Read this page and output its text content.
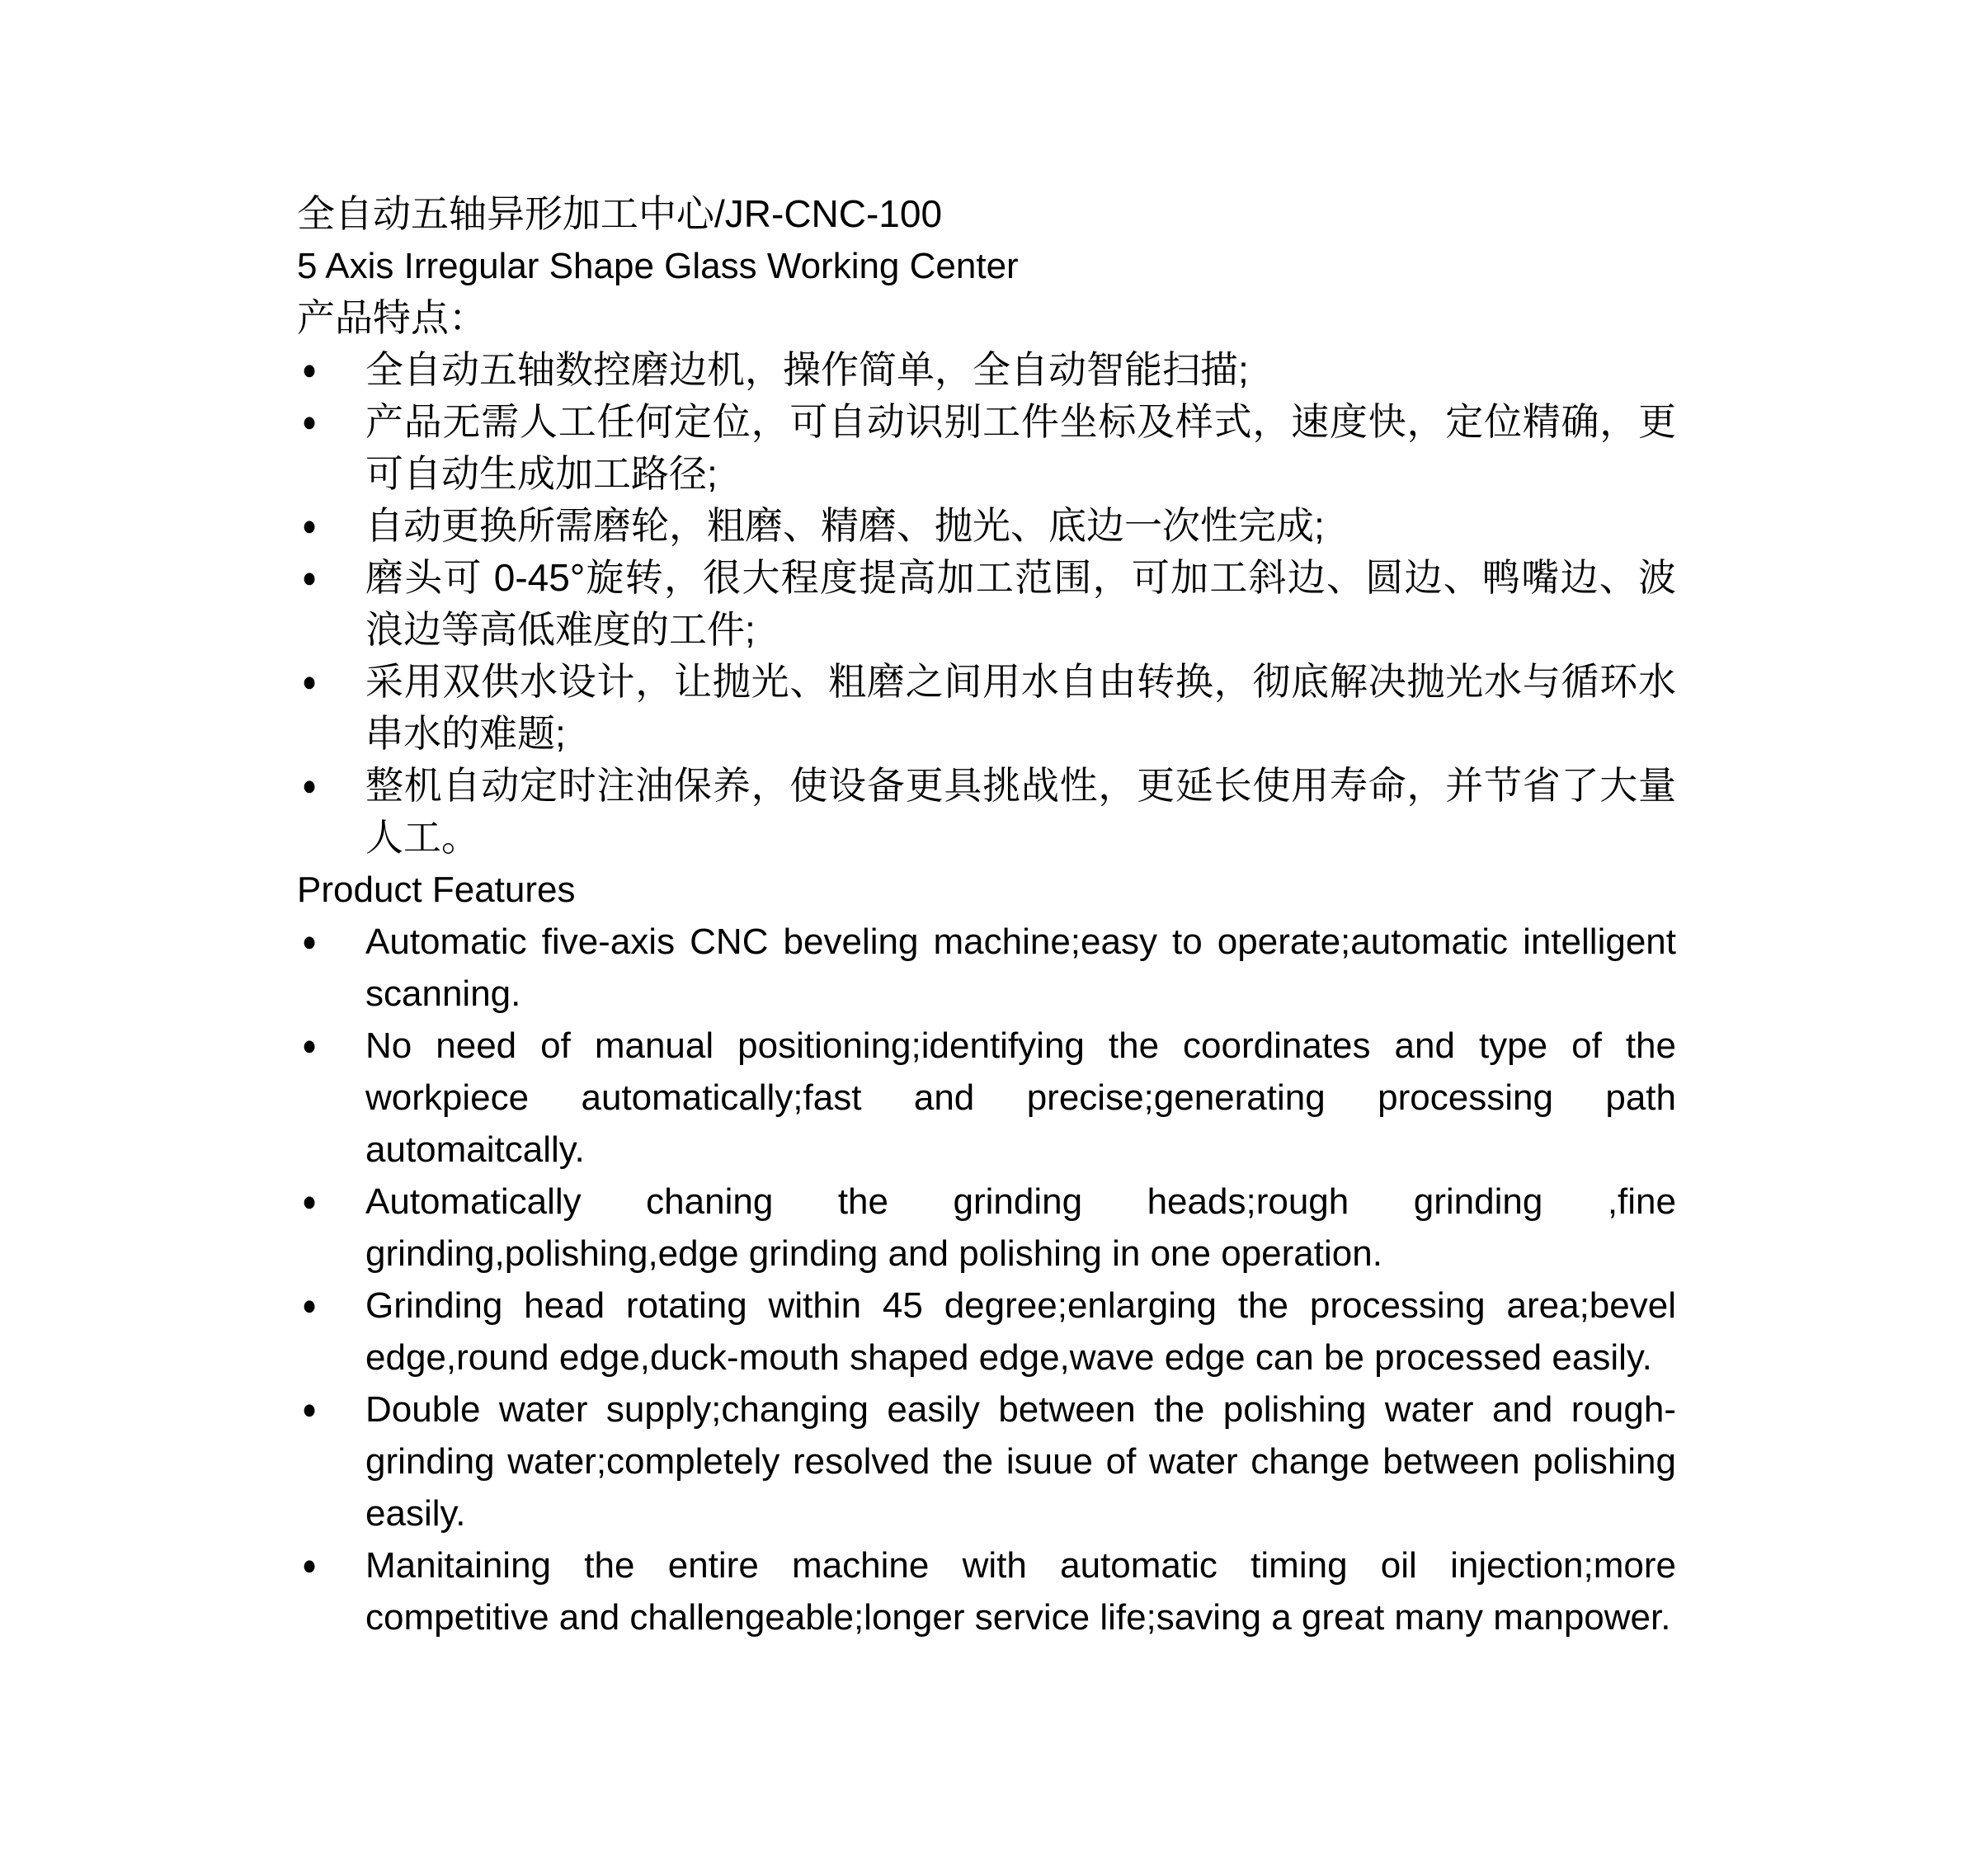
全自动五轴异形加工中心/JR-CNC-100
5 Axis Irregular Shape Glass Working Center
产品特点：
● 全自动五轴数控磨边机，操作简单，全自动智能扫描;
● 产品无需人工任何定位，可自动识别工件坐标及样式，速度快，定位精确，更可自动生成加工路径;
● 自动更换所需磨轮，粗磨、精磨、抛光、底边一次性完成;
● 磨头可 0-45°旋转，很大程度提高加工范围，可加工斜边、圆边、鸭嘴边、波浪边等高低难度的工件;
● 采用双供水设计，让抛光、粗磨之间用水自由转换，彻底解决抛光水与循环水串水的难题;
● 整机自动定时注油保养，使设备更具挑战性，更延长使用寿命，并节省了大量人工。
Product Features
● Automatic five-axis CNC beveling machine;easy to operate;automatic intelligent scanning.
● No need of manual positioning;identifying the coordinates and type of the workpiece automatically;fast and precise;generating processing path automaitcally.
● Automatically chaning the grinding heads;rough grinding ,fine grinding,polishing,edge grinding and polishing in one operation.
● Grinding head rotating within 45 degree;enlarging the processing area;bevel edge,round edge,duck-mouth shaped edge,wave edge can be processed easily.
● Double water supply;changing easily between the polishing water and rough-grinding water;completely resolved the isuue of water change between polishing easily.
● Manitaining the entire machine with automatic timing oil injection;more competitive and challengeable;longer service life;saving a great many manpower.
